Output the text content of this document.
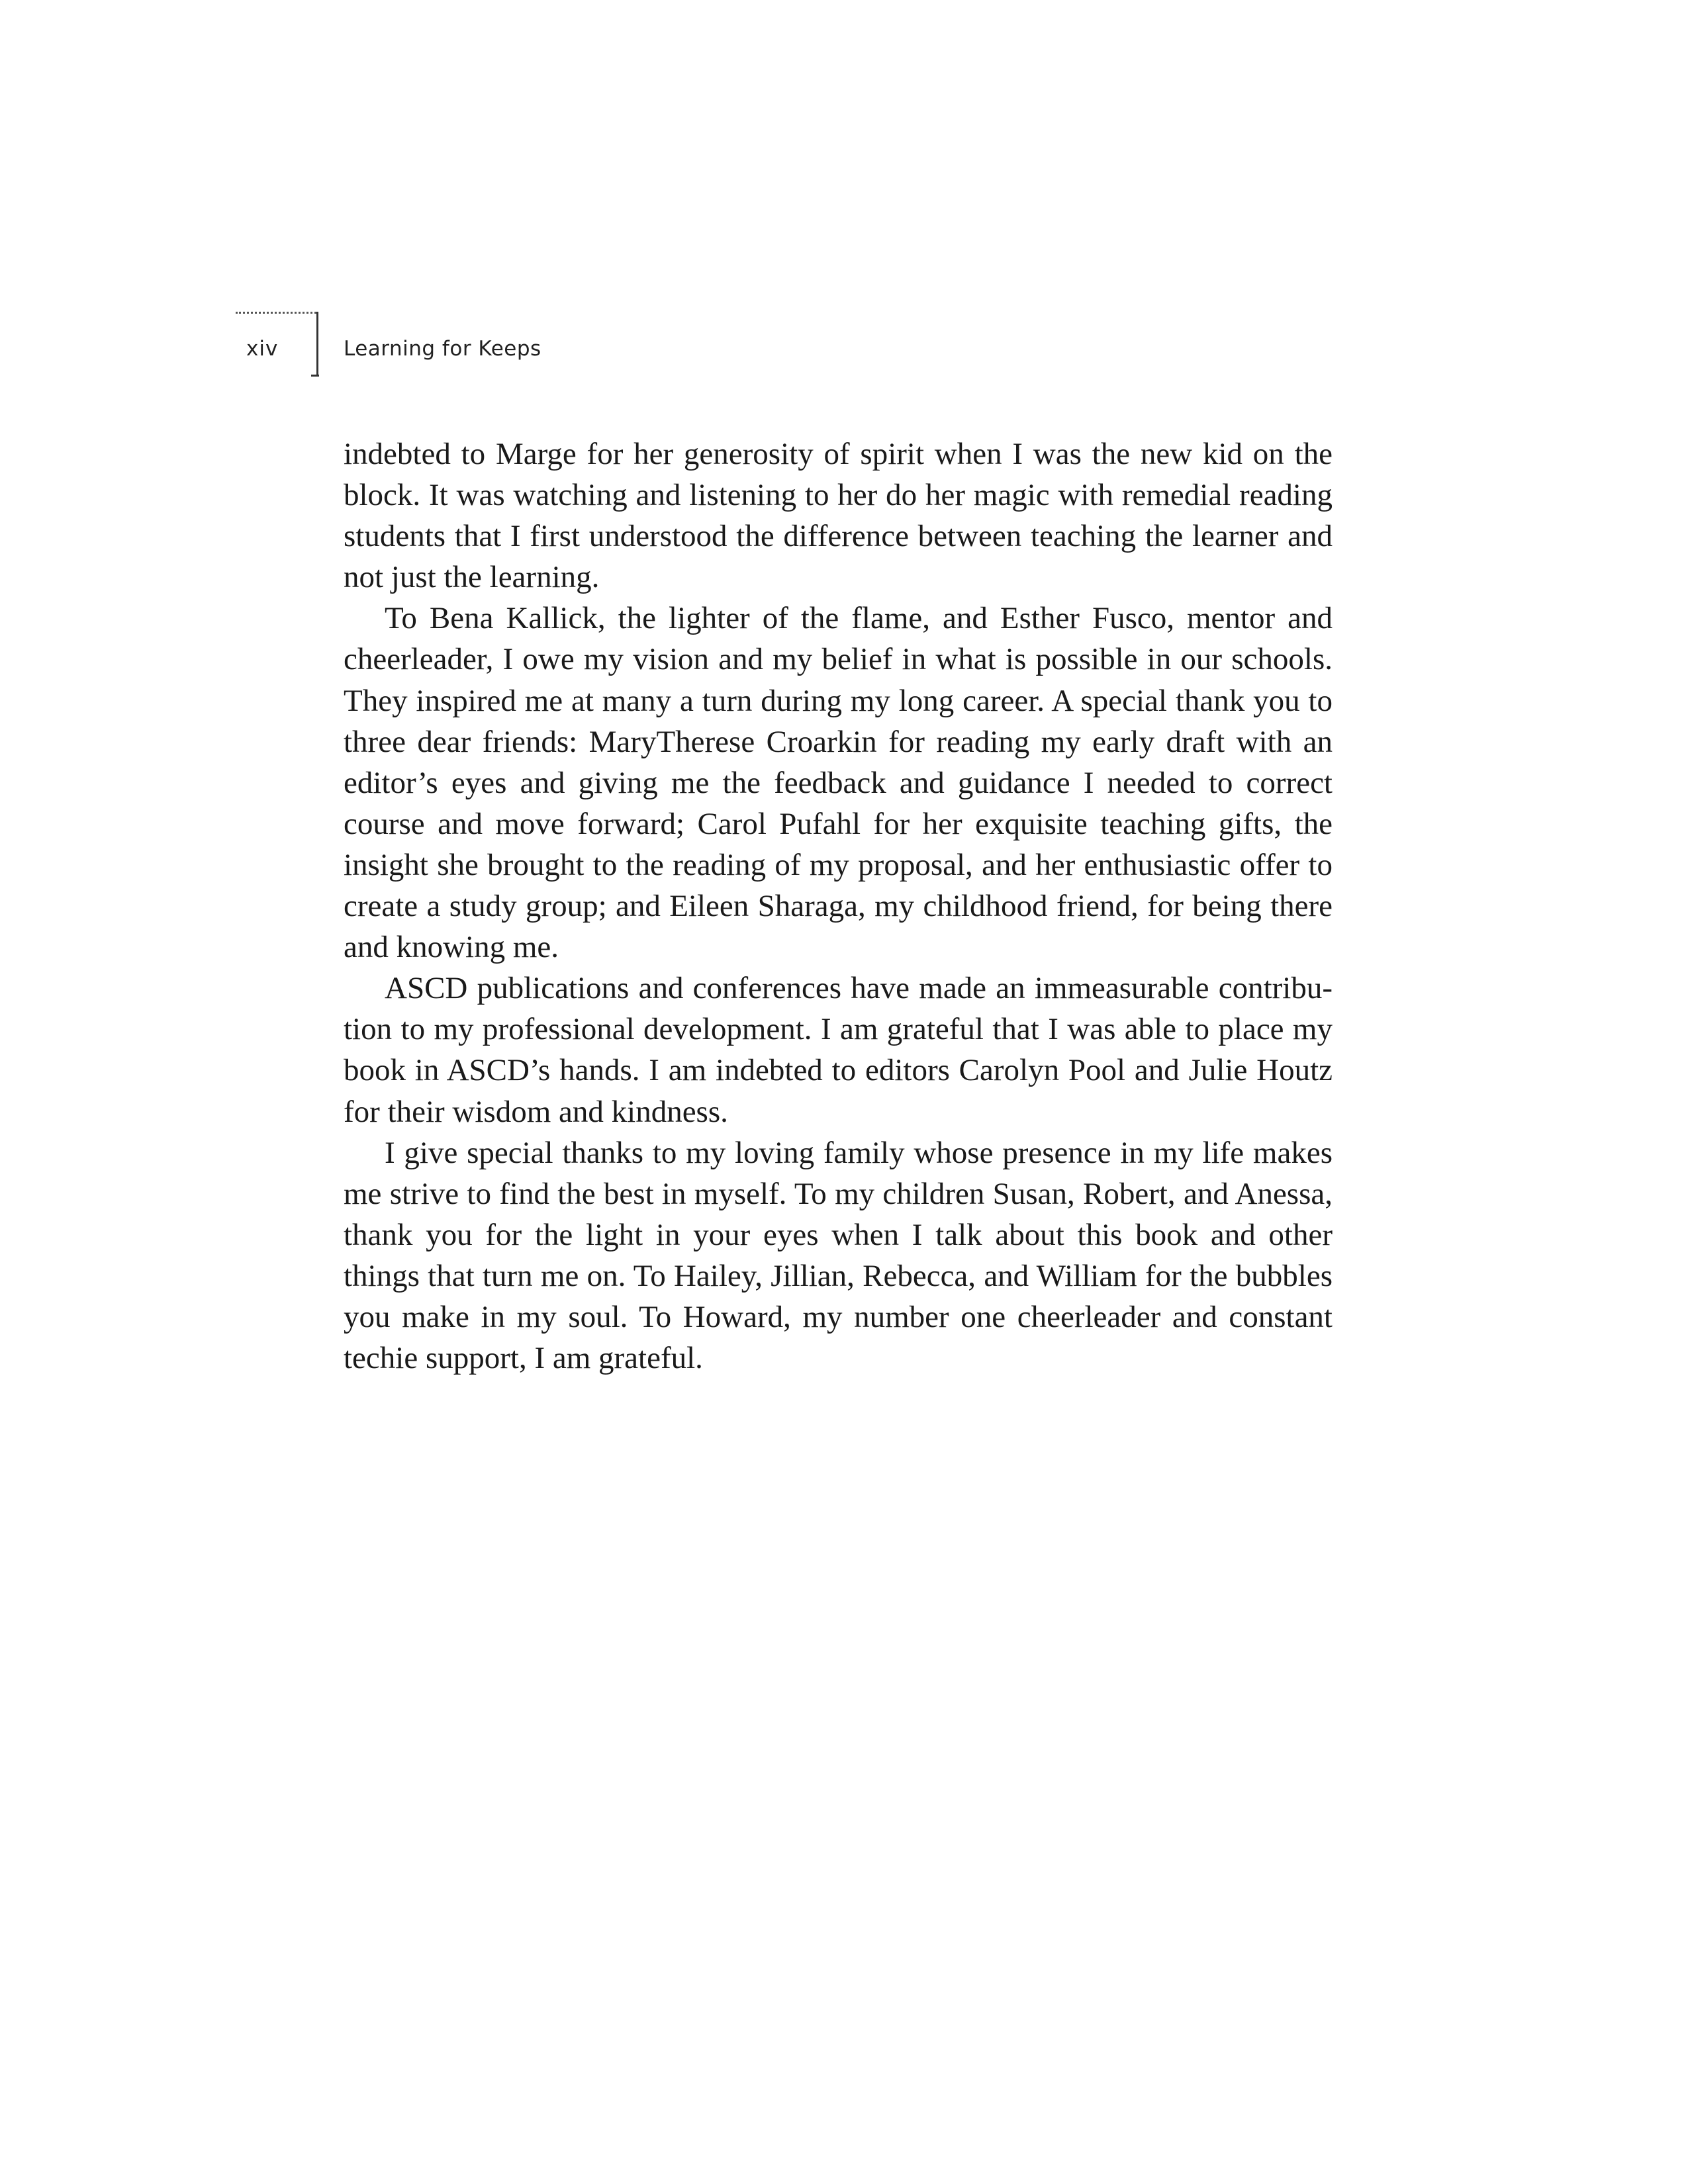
xiv	Learning for Keeps

indebted to Marge for her generosity of spirit when I was the new kid on the block. It was watching and listening to her do her magic with remedial reading students that I first understood the difference between teaching the learner and not just the learning.

To Bena Kallick, the lighter of the flame, and Esther Fusco, mentor and cheerleader, I owe my vision and my belief in what is possible in our schools. They inspired me at many a turn during my long career. A special thank you to three dear friends: MaryTherese Croarkin for reading my early draft with an editor’s eyes and giving me the feedback and guidance I needed to correct course and move forward; Carol Pufahl for her exquisite teaching gifts, the insight she brought to the reading of my proposal, and her enthusiastic offer to create a study group; and Eileen Sharaga, my childhood friend, for being there and knowing me.

ASCD publications and conferences have made an immeasurable contribution to my professional development. I am grateful that I was able to place my book in ASCD’s hands. I am indebted to editors Carolyn Pool and Julie Houtz for their wisdom and kindness.

I give special thanks to my loving family whose presence in my life makes me strive to find the best in myself. To my children Susan, Robert, and Anessa, thank you for the light in your eyes when I talk about this book and other things that turn me on. To Hailey, Jillian, Rebecca, and William for the bubbles you make in my soul. To Howard, my number one cheerleader and constant techie support, I am grateful.
